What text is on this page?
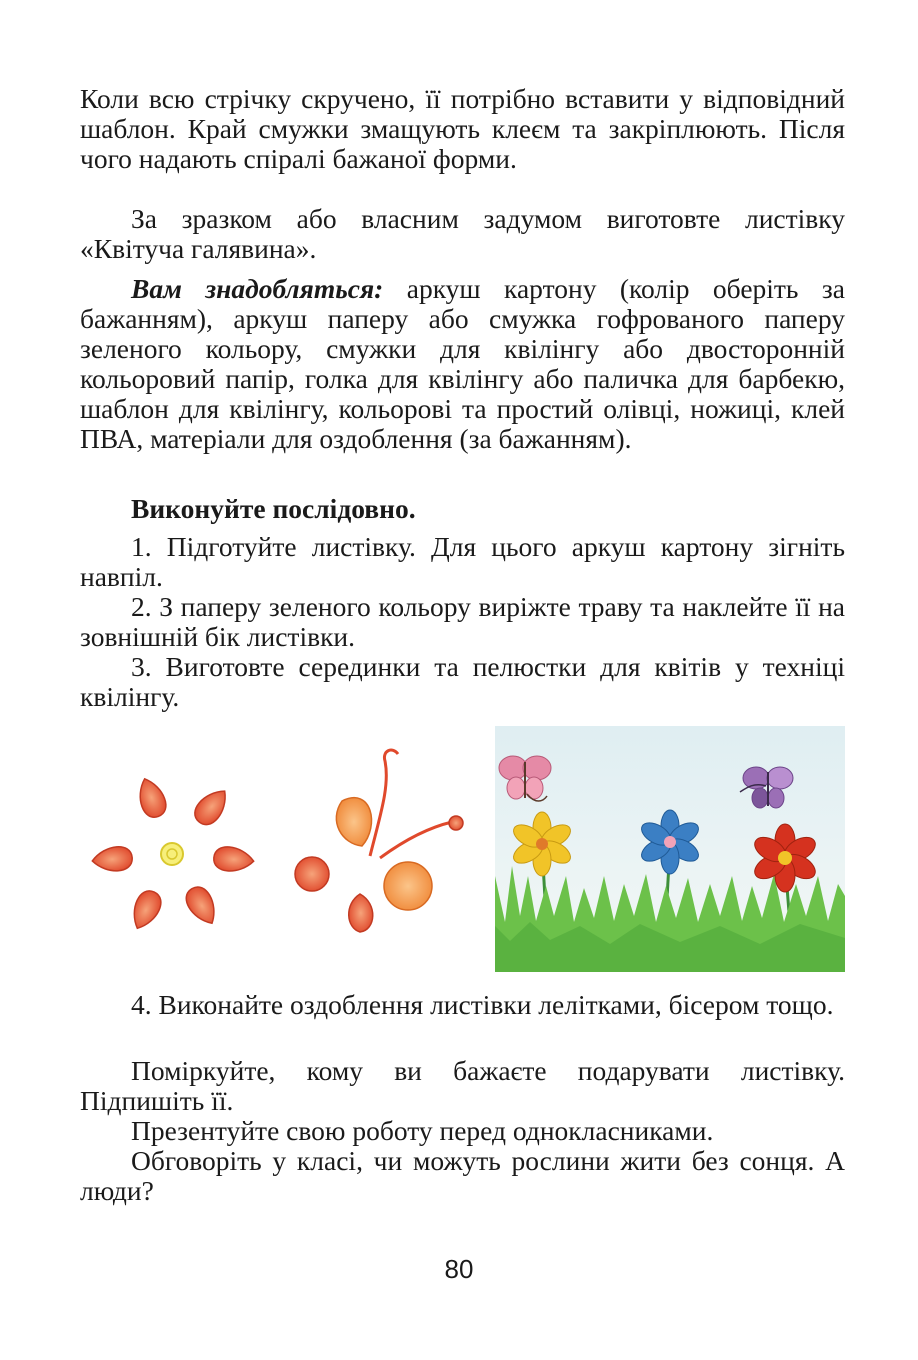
Коли всю стрічку скручено, її потрібно вставити у відповідний шаблон. Край смужки змащують клеєм та закріплюють. Після чого надають спіралі бажаної форми.

За зразком або власним задумом виготовте листівку «Квітуча галявина».

Вам знадобляться: аркуш картону (колір оберіть за бажанням), аркуш паперу або смужка гофрованого паперу зеленого кольору, смужки для квілінгу або двосторонній кольоровий папір, голка для квілінгу або паличка для барбекю, шаблон для квілінгу, кольорові та простий олівці, ножиці, клей ПВА, матеріали для оздоблення (за бажанням).

Виконуйте послідовно.

1. Підготуйте листівку. Для цього аркуш картону зігніть навпіл.

2. З паперу зеленого кольору виріжте траву та наклейте її на зовнішній бік листівки.

3. Виготовте серединки та пелюстки для квітів у техніці квілінгу.

4. Виконайте оздоблення листівки лелітками, бісером тощо.

Поміркуйте, кому ви бажаєте подарувати листівку. Підпишіть її.

Презентуйте свою роботу перед однокласниками.

Обговоріть у класі, чи можуть рослини жити без сонця. А люди?

80
